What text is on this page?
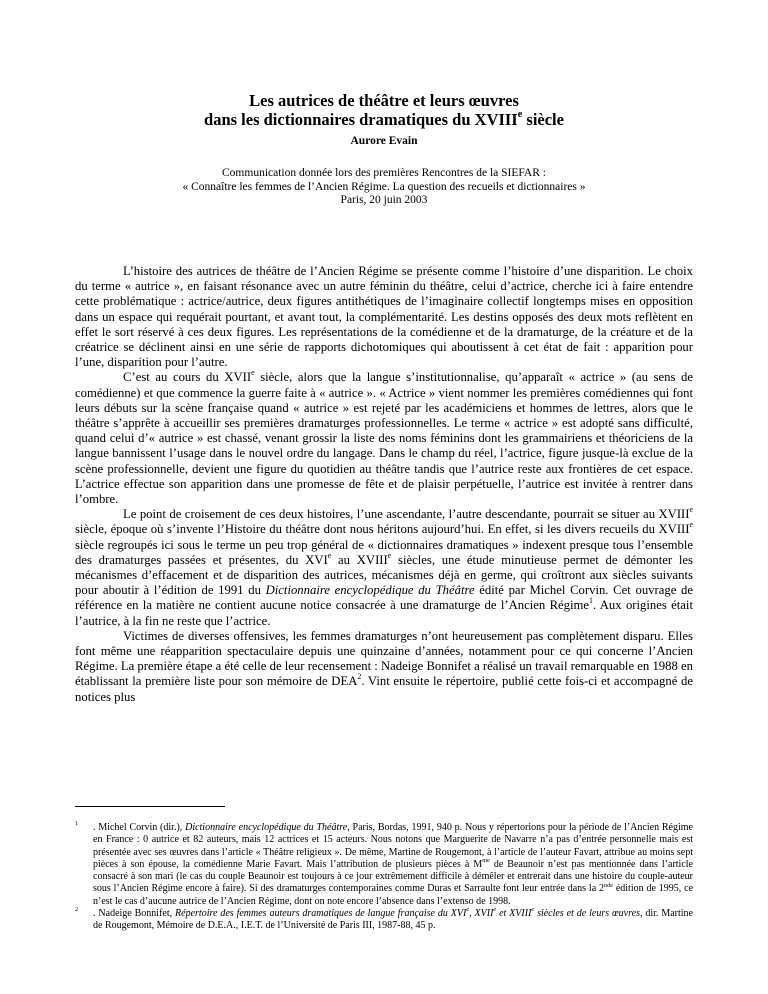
Les autrices de théâtre et leurs œuvres
dans les dictionnaires dramatiques du XVIIIe siècle
Aurore Evain
Communication donnée lors des premières Rencontres de la SIEFAR :
« Connaître les femmes de l’Ancien Régime. La question des recueils et dictionnaires »
Paris, 20 juin 2003

L’histoire des autrices de théâtre de l’Ancien Régime se présente comme l’histoire d’une disparition. Le choix du terme « autrice », en faisant résonance avec un autre féminin du théâtre, celui d’actrice, cherche ici à faire entendre cette problématique : actrice/autrice, deux figures antithétiques de l’imaginaire collectif longtemps mises en opposition dans un espace qui requérait pourtant, et avant tout, la complémentarité. Les destins opposés des deux mots reflètent en effet le sort réservé à ces deux figures. Les représentations de la comédienne et de la dramaturge, de la créature et de la créatrice se déclinent ainsi en une série de rapports dichotomiques qui aboutissent à cet état de fait : apparition pour l’une, disparition pour l’autre.

C’est au cours du XVIIe siècle, alors que la langue s’institutionnalise, qu’apparaît « actrice » (au sens de comédienne) et que commence la guerre faite à « autrice ». « Actrice » vient nommer les premières comédiennes qui font leurs débuts sur la scène française quand « autrice » est rejeté par les académiciens et hommes de lettres, alors que le théâtre s’apprête à accueillir ses premières dramaturges professionnelles. Le terme « actrice » est adopté sans difficulté, quand celui d’« autrice » est chassé, venant grossir la liste des noms féminins dont les grammairiens et théoriciens de la langue bannissent l’usage dans le nouvel ordre du langage. Dans le champ du réel, l’actrice, figure jusque-là exclue de la scène professionnelle, devient une figure du quotidien au théâtre tandis que l’autrice reste aux frontières de cet espace. L’actrice effectue son apparition dans une promesse de fête et de plaisir perpétuelle, l’autrice est invitée à rentrer dans l’ombre.

Le point de croisement de ces deux histoires, l’une ascendante, l’autre descendante, pourrait se situer au XVIIIe siècle, époque où s’invente l’Histoire du théâtre dont nous héritons aujourd’hui. En effet, si les divers recueils du XVIIIe siècle regroupés ici sous le terme un peu trop général de « dictionnaires dramatiques » indexent presque tous l’ensemble des dramaturges passées et présentes, du XVIe au XVIIIe siècles, une étude minutieuse permet de démonter les mécanismes d’effacement et de disparition des autrices, mécanismes déjà en germe, qui croîtront aux siècles suivants pour aboutir à l’édition de 1991 du Dictionnaire encyclopédique du Théâtre édité par Michel Corvin. Cet ouvrage de référence en la matière ne contient aucune notice consacrée à une dramaturge de l’Ancien Régime$^1$. Aux origines était l’autrice, à la fin ne reste que l’actrice.

Victimes de diverses offensives, les femmes dramaturges n’ont heureusement pas complètement disparu. Elles font même une réapparition spectaculaire depuis une quinzaine d’années, notamment pour ce qui concerne l’Ancien Régime. La première étape a été celle de leur recensement : Nadeige Bonnifet a réalisé un travail remarquable en 1988 en établissant la première liste pour son mémoire de DEA$^2$. Vint ensuite le répertoire, publié cette fois-ci et accompagné de notices plus

$^1$ . Michel Corvin (dir.), Dictionnaire encyclopédique du Théâtre, Paris, Bordas, 1991, 940 p. Nous y répertorions pour la période de l’Ancien Régime en France : 0 autrice et 82 auteurs, mais 12 actrices et 15 acteurs. Nous notons que Marguerite de Navarre n’a pas d’entrée personnelle mais est présentée avec ses œuvres dans l’article « Théâtre religieux ». De même, Martine de Rougemont, à l’article de l’auteur Favart, attribue au moins sept pièces à son épouse, la comédienne Marie Favart. Mais l’attribution de plusieurs pièces à $M^{me}$ de Beaunoir n’est pas mentionnée dans l’article consacré à son mari (le cas du couple Beaunoir est toujours à ce jour extrêmement difficile à démêler et entrerait dans une histoire du couple-auteur sous l’Ancien Régime encore à faire). Si des dramaturges contemporaines comme Duras et Sarraulte font leur entrée dans la 2nde édition de 1995, ce n’est le cas d’aucune autrice de l’Ancien Régime, dont on note encore l’absence dans l’extenso de 1998.
$^2$ . Nadeige Bonnifet, Répertoire des femmes auteurs dramatiques de langue française du XVIe, XVIIe et XVIIIe siècles et de leurs œuvres, dir. Martine de Rougemont, Mémoire de D.E.A., I.E.T. de l’Université de Paris III, 1987-88, 45 p.
